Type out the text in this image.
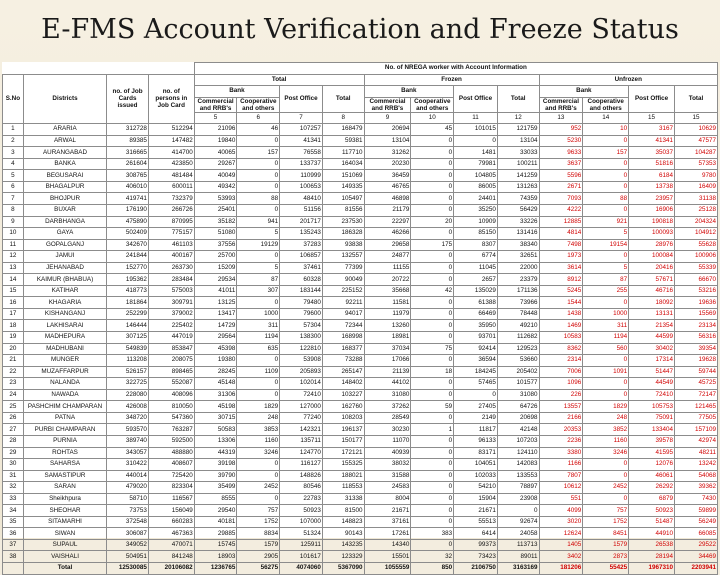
E-FMS Account Verification and Freeze Status
				No. of NREGA worker with Account Information											
S.No	Districts	no. of Job Cards issued	no. of persons in Job Card	Total				Frozen				Unfrozen			
				Bank		Post Office	Total	Bank		Post Office	Total	Bank		Post Office	Total
				Commercial and RRB's	Cooperative and others			Commercial and RRB's	Cooperative and others			Commercial and RRB's	Cooperative and others		
				5	6	7	8	9	10	11	12	13	14	15	15
1	ARARIA	312728	512294	21096	46	107257	168479	20694	45	101015	121759	952	10	3167	10629
2	ARWAL	89385	147482	19840	0	41341	59381	13104	0	0	13104	5230	0	41341	47577
3	AURANGABAD	316665	414700	40065	157	76558	117710	31262	0	1481	33033	9633	157	35037	104287
4	BANKA	261604	423850	29267	0	133737	164034	20230	0	79981	100211	3637	0	51816	57353
5	BEGUSARAI	308765	481484	40049	0	110999	151069	36459	0	104805	141259	5596	0	6184	9780
6	BHAGALPUR	406010	600011	49342	0	100653	149335	46765	0	86005	131263	2671	0	13738	16409
7	BHOJPUR	419741	732379	53993	88	48410	105497	46898	0	24401	74359	7093	88	23957	31138
8	BUXAR	176190	266726	25401	0	51156	81556	21179	0	35250	56429	4222	0	16906	25128
9	DARBHANGA	475890	870995	35182	941	201717	237530	22297	20	10909	33226	12885	921	190818	204324
10	GAYA	502409	775157	51080	5	135243	186328	46266	0	85150	131416	4814	5	100093	104912
11	GOPALGANJ	342670	461103	37556	19129	37283	93838	29658	175	8307	38340	7498	19154	28976	55628
12	JAMUI	241844	400167	25700	0	106857	132557	24877	0	6774	32651	1973	0	100084	100906
13	JEHANABAD	152770	263730	15209	5	37461	77399	11155	0	11045	22000	3614	5	20416	55339
14	KAIMUR (BHABUA)	195362	283484	29534	87	60328	90049	20722	0	2657	23379	8912	87	57671	66670
15	KATIHAR	418773	575003	41011	307	183144	225152	35668	42	135029	171136	5245	255	46716	53216
16	KHAGARIA	181864	309791	13125	0	79480	92211	11581	0	61388	73966	1544	0	18092	19636
17	KISHANGANJ	252299	379002	13417	1000	79600	94017	11979	0	66469	78448	1438	1000	13131	15569
18	LAKHISARAI	146444	225402	14729	311	57304	72344	13260	0	35950	49210	1469	311	21354	23134
19	MADHEPURA	307125	447019	29564	1194	138300	168998	18981	0	93701	112682	10583	1194	44599	56316
20	MADHUBANI	549839	853847	45398	635	122810	168377	37034	75	92414	129523	8362	560	30402	39354
21	MUNGER	113208	208075	19380	0	53908	73288	17066	0	36594	53660	2314	0	17314	19628
22	MUZAFFARPUR	526157	898465	28245	1109	205893	265147	21139	18	184245	205402	7006	1091	51447	59744
23	NALANDA	322725	552087	45148	0	102014	148402	44102	0	57465	101577	1096	0	44549	45725
24	NAWADA	228080	408096	31306	0	72410	103227	31080	0	0	31080	226	0	72410	72147
25	PASHCHIM CHAMPARAN	426008	810050	45198	1829	127000	162760	37262	59	27405	64726	13557	1829	105753	121465
26	PATNA	348720	547360	30715	248	77240	108203	28549	0	2149	20698	2166	248	75091	77505
27	PURBI CHAMPARAN	593570	763287	50583	3853	142321	196137	30230	1	11817	42148	20353	3852	133404	157109
28	PURNIA	389740	592500	13306	1160	135711	150177	11070	0	96133	107203	2236	1160	39578	42974
29	ROHTAS	343057	488880	44319	3246	124770	172121	40939	0	83171	124110	3380	3246	41595	48211
30	SAHARSA	310422	408607	39198	0	116127	155325	38032	0	104051	142083	1166	0	12076	13242
31	SAMASTIPUR	440014	725420	39790	0	148826	188021	31588	0	102033	133553	7807	0	46061	54068
32	SARAN	479020	823304	35499	2452	80546	118553	24583	0	54210	78897	10612	2452	26292	39362
33	Sheikhpura	58710	116567	8555	0	22783	31338	8004	0	15904	23908	551	0	6879	7430
34	SHEOHAR	73753	156049	29540	757	50923	81500	21671	0	21671	0	4099	757	50923	59899
35	SITAMARHI	372548	660283	40181	1752	107000	148823	37161	0	55513	92674	3020	1752	51487	56249
36	SIWAN	306087	467363	29885	8834	51324	90143	17261	383	6414	24058	12624	8451	44910	66085
37	SUPAUL	349052	470071	15745	1579	125911	143235	14340	0	99373	113713	1405	1579	26538	29522
38	VAISHALI	504951	841248	18903	2905	101617	123329	15501	32	73423	89011	3402	2873	28194	34469
	Total	12530085	20106082	1236765	56275	4074060	5367090	1055559	850	2106750	3163169	181206	55425	1967310	2203941
